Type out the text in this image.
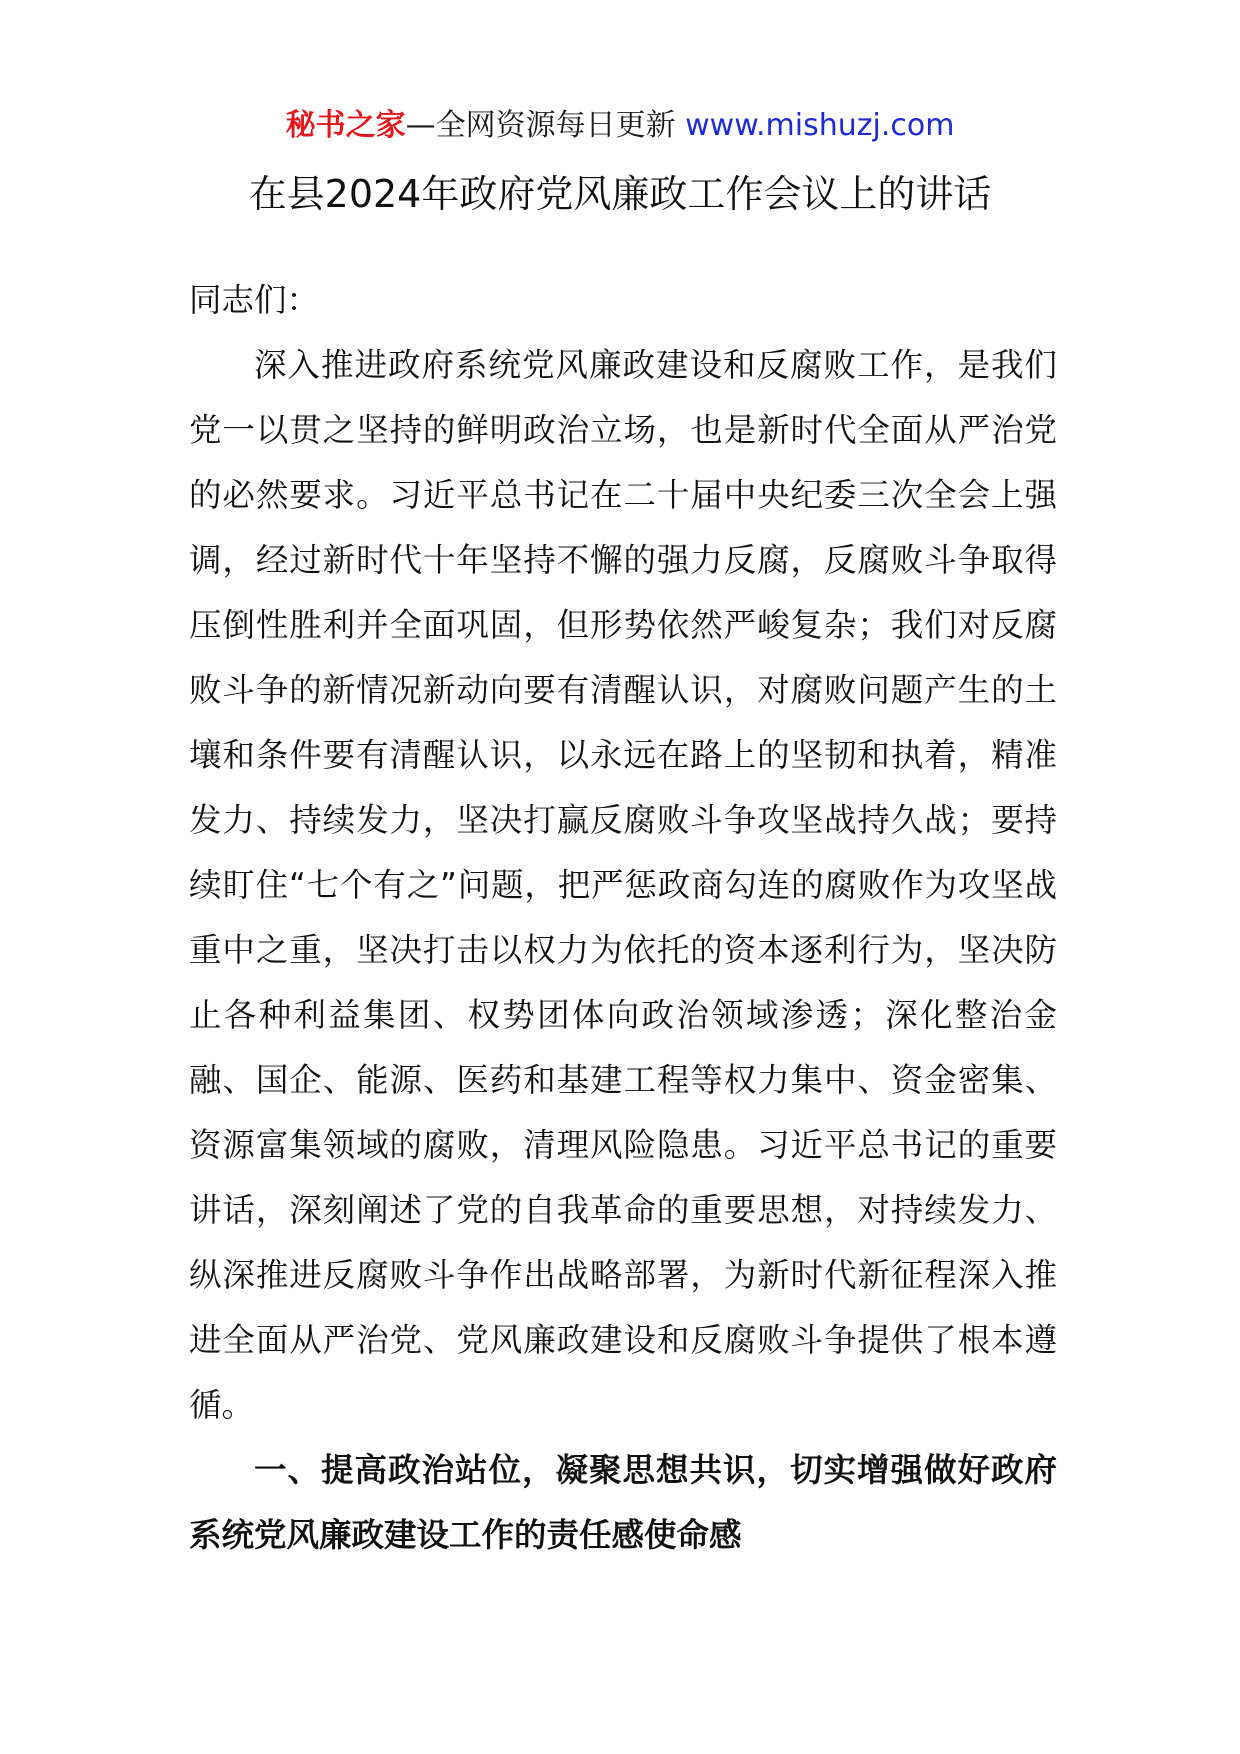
秘书之家—全网资源每日更新 www.mishuzj.com
在县2024年政府党风廉政工作会议上的讲话

同志们：

深入推进政府系统党风廉政建设和反腐败工作，是我们党一以贯之坚持的鲜明政治立场，也是新时代全面从严治党的必然要求。习近平总书记在二十届中央纪委三次全会上强调，经过新时代十年坚持不懈的强力反腐，反腐败斗争取得压倒性胜利并全面巩固，但形势依然严峻复杂；我们对反腐败斗争的新情况新动向要有清醒认识，对腐败问题产生的土壤和条件要有清醒认识，以永远在路上的坚韧和执着，精准发力、持续发力，坚决打赢反腐败斗争攻坚战持久战；要持续盯住“七个有之”问题，把严惩政商勾连的腐败作为攻坚战重中之重，坚决打击以权力为依托的资本逐利行为，坚决防止各种利益集团、权势团体向政治领域渗透；深化整治金融、国企、能源、医药和基建工程等权力集中、资金密集、资源富集领域的腐败，清理风险隐患。习近平总书记的重要讲话，深刻阐述了党的自我革命的重要思想，对持续发力、纵深推进反腐败斗争作出战略部署，为新时代新征程深入推进全面从严治党、党风廉政建设和反腐败斗争提供了根本遵循。

一、提高政治站位，凝聚思想共识，切实增强做好政府系统党风廉政建设工作的责任感使命感
